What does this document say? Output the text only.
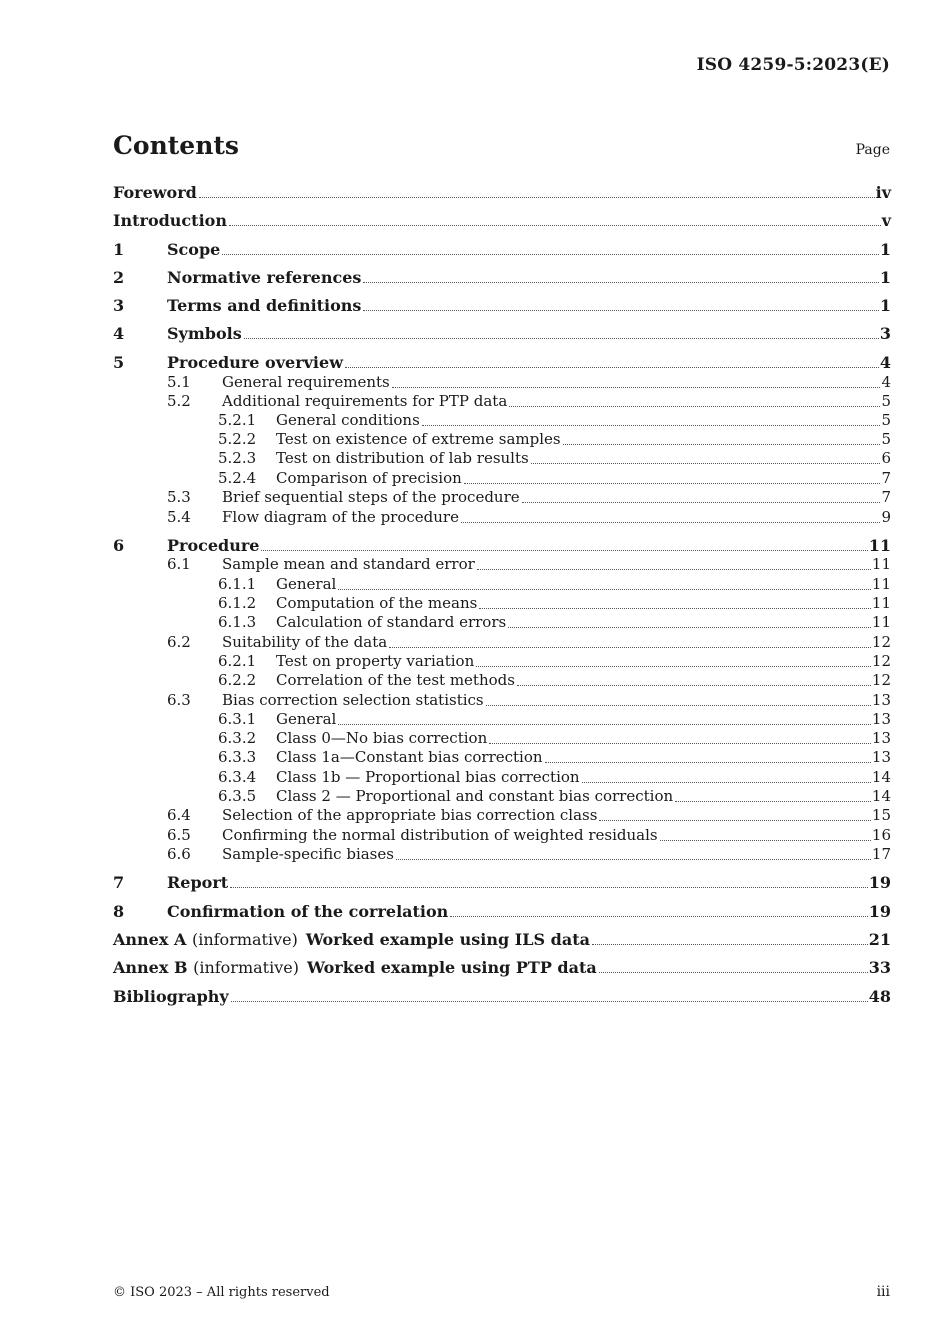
ISO 4259-5:2023(E)
Contents	Page
Foreword	iv
Introduction	v
1	Scope	1
2	Normative references	1
3	Terms and definitions	1
4	Symbols	3
5	Procedure overview	4
5.1	General requirements	4
5.2	Additional requirements for PTP data	5
5.2.1	General conditions	5
5.2.2	Test on existence of extreme samples	5
5.2.3	Test on distribution of lab results	6
5.2.4	Comparison of precision	7
5.3	Brief sequential steps of the procedure	7
5.4	Flow diagram of the procedure	9
6	Procedure	11
6.1	Sample mean and standard error	11
6.1.1	General	11
6.1.2	Computation of the means	11
6.1.3	Calculation of standard errors	11
6.2	Suitability of the data	12
6.2.1	Test on property variation	12
6.2.2	Correlation of the test methods	12
6.3	Bias correction selection statistics	13
6.3.1	General	13
6.3.2	Class 0—No bias correction	13
6.3.3	Class 1a—Constant bias correction	13
6.3.4	Class 1b — Proportional bias correction	14
6.3.5	Class 2 — Proportional and constant bias correction	14
6.4	Selection of the appropriate bias correction class	15
6.5	Confirming the normal distribution of weighted residuals	16
6.6	Sample-specific biases	17
7	Report	19
8	Confirmation of the correlation	19
Annex A (informative) Worked example using ILS data	21
Annex B (informative) Worked example using PTP data	33
Bibliography	48
© ISO 2023 – All rights reserved	iii
